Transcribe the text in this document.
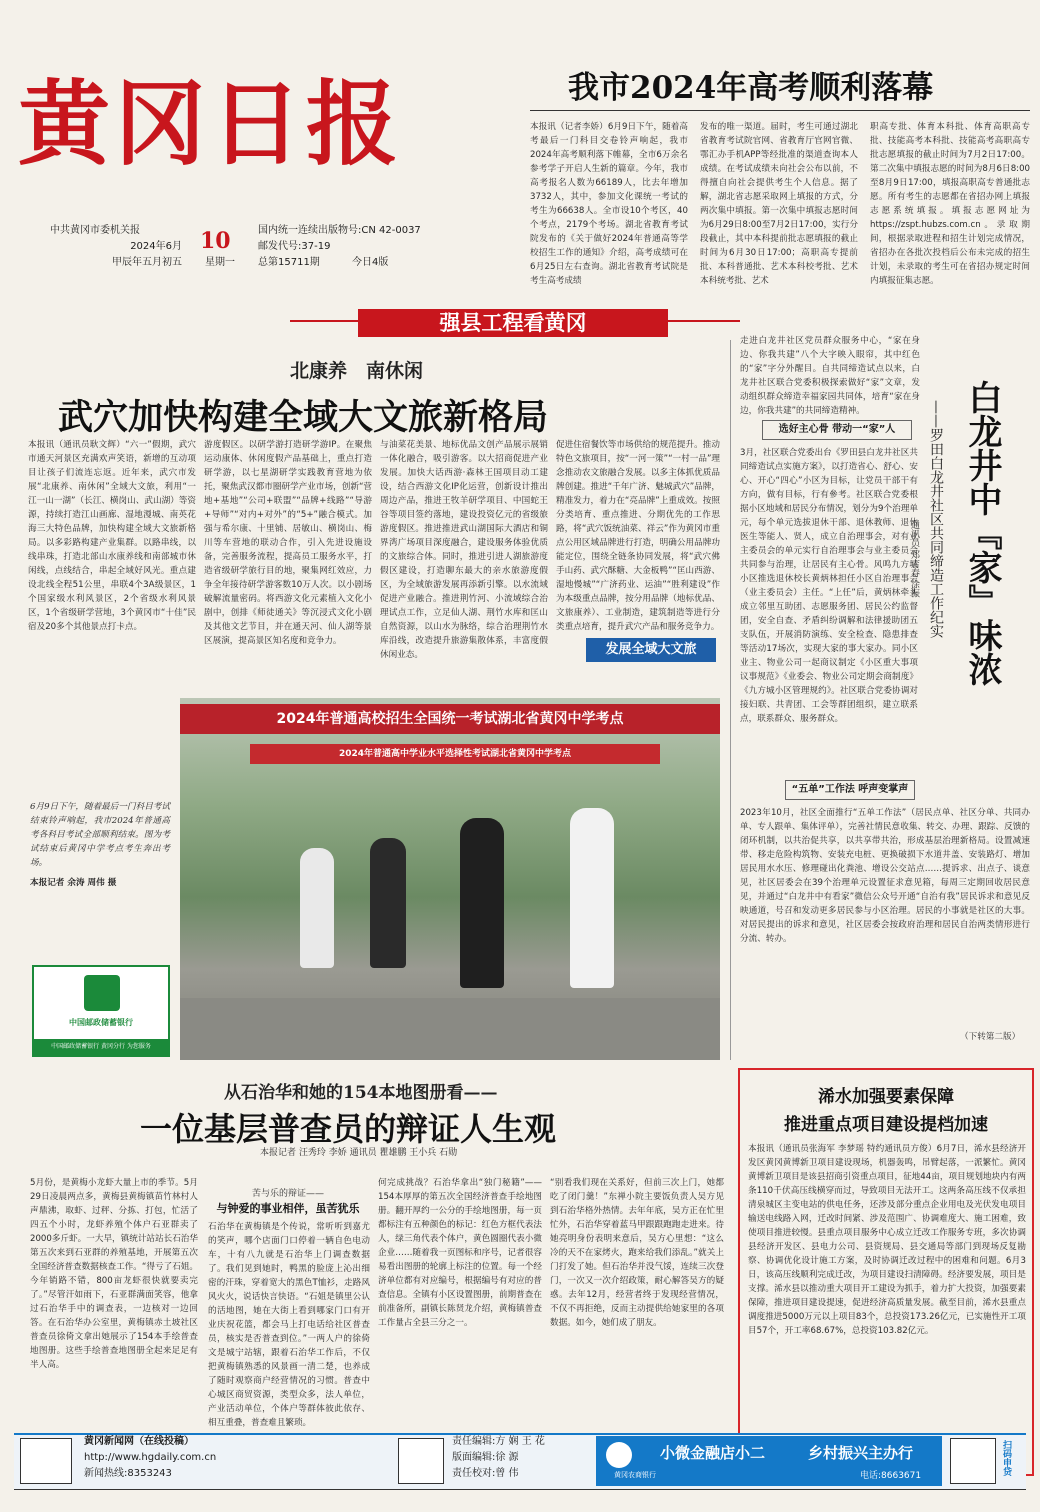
黄冈日报
中共黄冈市委机关报
2024年6月
甲辰年五月初五
10
星期一
国内统一连续出版物号:CN 42-0037
邮发代号:37-19
总第15711期	今日4版
我市2024年高考顺利落幕
本报讯（记者李娇）6月9日下午，随着高考最后一门科目交卷铃声响起，我市2024年高考顺利落下帷幕，全市6万余名参考学子开启人生新的篇章。今年，我市高考报名人数为66189人，比去年增加3732人，其中，参加文化课统一考试的考生为66638人。全市设10个考区，40个考点，2179个考场。湖北省教育考试院发布的《关于做好2024年普通高等学校招生工作的通知》介绍，高考成绩可在6月25日左右查询。湖北省教育考试院是考生高考成绩
发布的唯一渠道。届时，考生可通过湖北省教育考试院官网、省教育厅官网官微、鄂汇办手机APP等经批准的渠道查询本人成绩。在考试成绩未向社会公布以前，不得擅自向社会提供考生个人信息。据了解，湖北省志愿采取网上填报的方式，分两次集中填报。第一次集中填报志愿时间为6月29日8:00至7月2日17:00，实行分段截止，其中本科提前批志愿填报的截止时间为6月30日17:00；高职高专提前批、本科普通批、艺术本科校考批、艺术本科统考批、艺术
职高专批、体育本科批、体育高职高专批、技能高考本科批、技能高考高职高专批志愿填报的截止时间为7月2日17:00。第二次集中填报志愿的时间为8月6日8:00至8月9日17:00，填报高职高专普通批志愿。所有考生的志愿都在省招办网上填报志愿系统填报。填报志愿网址为https://zspt.hubzs.com.cn。录取期间，根据录取进程和招生计划完成情况，省招办在各批次投档后公布未完成的招生计划，未录取的考生可在省招办规定时间内填报征集志愿。
强县工程看黄冈
北康养　南休闲
武穴加快构建全域大文旅新格局
本报讯（通讯员耿文辉）“六一”假期，武穴市通天河景区充满欢声笑语，新增的互动项目让孩子们流连忘返。近年来，武穴市发展“北康养、南休闲”全域大文旅，利用“一江一山一湖”（长江、横岗山、武山湖）等资源，持续打造江山画廊、湿地漫城、南英花海三大特色品牌，加快构建全域大文旅新格局。以多彩路构建产业集群。以路串线，以线串珠，打造北部山水康养线和南部城市休闲线，点线结合，串起全域好风光。重点建设北线全程51公里，串联4个3A级景区，1个国家级水利风景区，2个省级水利风景区，1个省级研学营地，3个黄冈市“十佳”民宿及20多个其他景点打卡点。
游度假区。以研学游打造研学游IP。在聚焦运动康体、休闲度假产品基础上，重点打造研学游，以七星湖研学实践教育营地为依托，聚焦武汉都市圈研学产业市场，创新“营地+基地”“公司+联盟”“品牌+线路”“导游+导师”“对内+对外”的“5+”融合模式。加强与希尔康、十里铺、居敏山、横岗山、梅川等车营地的联动合作，引入先进设施设备，完善服务流程，提高员工服务水平，打造省级研学旅行目的地，聚集网红效应，力争全年接待研学游客数10万人次。以小剧场破解流量密码。将西游文化元素植入文化小剧中，创排《师徒通关》等沉浸式文化小剧及其他文艺节目，并在通天河、仙人湖等景区展演，提高景区知名度和竞争力。
与油菜花美景、地标优品文创产品展示展销一体化融合，吸引游客。以大招商促进产业发展。加快大话西游·森林王国项目动工建设，结合西游文化IP化运营，创新设计推出周边产品，推进王牧羊研学项目、中国蛇王谷等项目签约落地，建设投资亿元的省级旅游度假区。推进推进武山湖国际大酒店和铜界湾广场项目深度融合，建设服务体验优质的文旅综合体。同时，推进引进人湖旅游度假区建设，打造聊东最大的亲水旅游度假区，为全域旅游发展再添新引擎。以水流域促进产业融合。推进荆竹河、小流域综合治理试点工作，立足仙人湖、荆竹水库和匡山自然资源，以山水为脉络，综合治理荆竹水库沿线，改造提升旅游集散体系，丰富度假休闲业态。
促进住宿餐饮等市场供给的规范提升。推动特色文旅项目，按“一河一策”“一村一品”理念推动农文旅融合发展。以多主体抓优质品牌创建。推进“千年广济、魅城武穴”品牌，精准发力，着力在“亮品牌”上重成效。按照分类培育、重点推进、分期优先的工作思路，将“武穴饭统油菜、祥云”作为黄冈市重点公用区域品牌进行打造，明确公用品牌功能定位，围绕全链条协同发展，将“武穴佛手山药、武穴酥糖、大金板鸭”“匡山西游、湿地慢城”“广济药业、运油”“胜利建设”作为本级重点品牌，按分用品牌（地标优品、文旅康养）、工业制造，建筑制造等进行分类重点培育，提升武穴产品和服务竞争力。
发展全域大文旅
走进白龙井社区党员群众服务中心，“家在身边、你我共建”八个大字映入眼帘，其中红色的“家”字分外醒目。自共同缔造试点以来，白龙井社区联合党委积极探索做好“家”文章，发动组织群众缔造幸福家园共同体，培育“家在身边，你我共建”的共同缔造精神。	白龙井中『家』味浓
——罗田白龙井社区共同缔造工作纪实
通讯员 郑吉春 涂振
选好主心骨 带动一“家”人
3月，社区联合党委出台《罗田县白龙井社区共同缔造试点实施方案》，以打造省心、舒心、安心、开心“四心”小区为目标，让党员干部干有方向，做有目标，行有參考。社区联合党委根据小区地域和居民分布情况，划分为9个治理单元，每个单元选拔退休干部、退休教师、退休医生等能人、贤人，成立自治理事会，对有业主委员会的单元实行自治理事会与业主委员会共同参与治理，让居民有主心骨。风鸣九方城小区推选退休校长黄炳林担任小区自治理事会（业主委员会）主任。“上任”后，黄炳林牵头成立邻里互助团、志愿服务团、居民公约监督团，安全自查、矛盾纠纷调解和法律援助团五支队伍，开展消防演练、安全检查、隐患排查等活动17场次，实现大家的事大家办。同小区业主、物业公司一起商议制定《小区重大事项议事规范》《业委会、物业公司定期会商制度》《九方城小区管理规约》。社区联合党委协调对接妇联、共青团、工会等群团组织，建立联系点，联系群众、服务群众。
“五单”工作法 呼声变掌声
2023年10月，社区全面推行“五单工作法”（居民点单、社区分单、共同办单、专人跟单、集体评单），完善社情民意收集、转交、办理、跟踪、反馈的闭环机制，以共治促共享，以共享带共治，形成基层治理新格局。设置减速带、移走危险构筑物、安装充电桩、更换破损下水道井盖、安装路灯、增加居民用水水压、修理碰出化粪池、增设公交站点……提诉求、出点子、谈意见，社区居委会在39个治理单元设置征求意见箱，每周三定期回收居民意见，并通过“白龙井中有看家”微信公众号开通“自治有我”居民诉求和意见反映通道，号召和发动更多居民参与小区治理。居民的小事就是社区的大事。对居民提出的诉求和意见，社区居委会按政府治理和居民自治两类情形进行分流、转办。
（下转第二版）
2024年普通高校招生全国统一考试湖北省黄冈中学考点
2024年普通高中学业水平选择性考试湖北省黄冈中学考点
6月9日下午，随着最后一门科目考试结束铃声响起，我市2024年普通高考各科目考试全部顺利结束。图为考试结束后黄冈中学考点考生奔出考场。
本报记者 余涛 周伟 摄
中国邮政储蓄银行
中国邮政储蓄银行 黄冈分行 为您服务
从石治华和她的154本地图册看——
一位基层普查员的辩证人生观
本报记者 汪秀玲 李娇 通讯员 瞿雄鹏 王小兵 石勋
5月份，是黄梅小龙虾大量上市的季节。5月29日凌晨两点多，黄梅县黄梅镇苗竹林村人声鼎沸，取虾、过秤、分拣、打包，忙活了四五个小时，龙虾养殖个体户石亚群卖了2000多斤虾。一大早，镇统计站站长石治华第五次来到石亚群的养殖基地，开展第五次全国经济普查数据核查工作。“得亏了石姐。今年销路不错，800亩龙虾很快就要卖完了。”尽管汗如雨下，石亚群满面笑容，他拿过石治华手中的调查表，一边核对一边回答。在石治华办公室里，黄梅镇赤土坡社区普查员徐倚文拿出她展示了154本手绘普查地图册。这些手绘普查地图册全起来足足有半人高。
苦与乐的辩证——
与钟爱的事业相伴，虽苦犹乐
石治华在黄梅镇是个传说，常听听到嘉尤的笑声，哪个店面门口停着一辆自色电动车，十有八九就是石治华上门调查数据了。我们见到她时，鸭黑的脸庞上沁出细密的汗珠，穿着宽大的黑色T恤衫，走路风风火火，说话快言快语。“石姐是镇里公认的活地图，她在大街上看到哪家门口有开业庆祝花篮，都会马上打电话给社区普查员，核实是否普查到位。”一两人户的徐倚文是城宁站辖，跟着石治华工作后，不仅把黄梅镇熟悉的风景画一清二楚，也养成了随时观察商户经营情况的习惯。普查中心城区商贸资源，类型众多，法人单位，产业活动单位，个体户等群体彼此依存、相互重叠，普查难且繁琐。
何完成挑战？石治华拿出“独门秘籍”——154本厚厚的第五次全国经济普查手绘地图册。翻开厚约一公分的手绘地图册，每一页都标注有五种颜色的标记：红色方框代表法人，绿三角代表个体户，黄色圆圈代表小微企业……随着我一页图标和序号，记者很容易看出图册的轮廓上标注的位置。每一个经济单位都有对应编号，根据编号有对应的普查信息。全镇有小区设置图册，前期普查在前准备所，副镇长陈贤龙介绍，黄梅镇普查工作量占全县三分之一。
“别看我们现在关系好，但前三次上门，她都吃了闭门羹！”东禅小院主要饭负责人吴方见到石治华格外热情。去年年底，吴方正在忙里忙外，石治华穿着蓝马甲跟跟跑跑走进来。待她亮明身份表明来意后，吴方心里想：“这么冷的天不在家烤火，跑来给我们添乱。”就关上门打发了她。但石治华并没气馁，连续三次登门，一次又一次介绍政策，耐心解答吴方的疑惑。去年12月，经营者终于发现经营情况，不仅不再拒绝，反而主动提供给她家里的各项数据。如今，她们成了朋友。
浠水加强要素保障
推进重点项目建设提档加速
本报讯（通讯员张海军 李梦瑶 特约通讯员方俊）6月7日，浠水县经济开发区黄冈黄博新卫项目建设现场，机器轰鸣，吊臂起落，一派繁忙。黄冈黄博新卫项目是该县招商引资重点项目，征地44亩，项目规划地块内有两条110千伏高压线横穿而过，导致项目无法开工。这两条高压线不仅承担清泉城区主变电站的供电任务，还涉及部分重点企业用电及光伏发电项目输送电线路入网，迁改时间紧、涉及范围广、协调难度大、施工困难，致使项目推进较慢。县重点项目服务中心成立迁改工作服务专班，多次协调县经济开发区、县电力公司、县资规局、县交通局等部门到现场反复勘察、协调优化设计施工方案，及时协调迁改过程中的困难和问题。6月3日，该高压线顺利完成迁改，为项目建设扫清障碍。经济要发展，项目是支撑。浠水县以推动重大项目开工建设为抓手，着力扩大投资，加强要素保障，推进项目建设提速，促进经济高质量发展。截至目前，浠水县重点调度推进5000万元以上项目83个，总投资173.26亿元，已实施性开工项目57个，开工率68.67%，总投资103.82亿元。
黄冈新闻网（在线投稿）
http://www.hgdaily.com.cn
新闻热线:8353243
责任编辑:方 娴 王 花
版面编辑:徐 源
责任校对:曾 伟	黄冈农商银行
小微金融店小二	乡村振兴主办行
电话:8663671	扫码申贷
